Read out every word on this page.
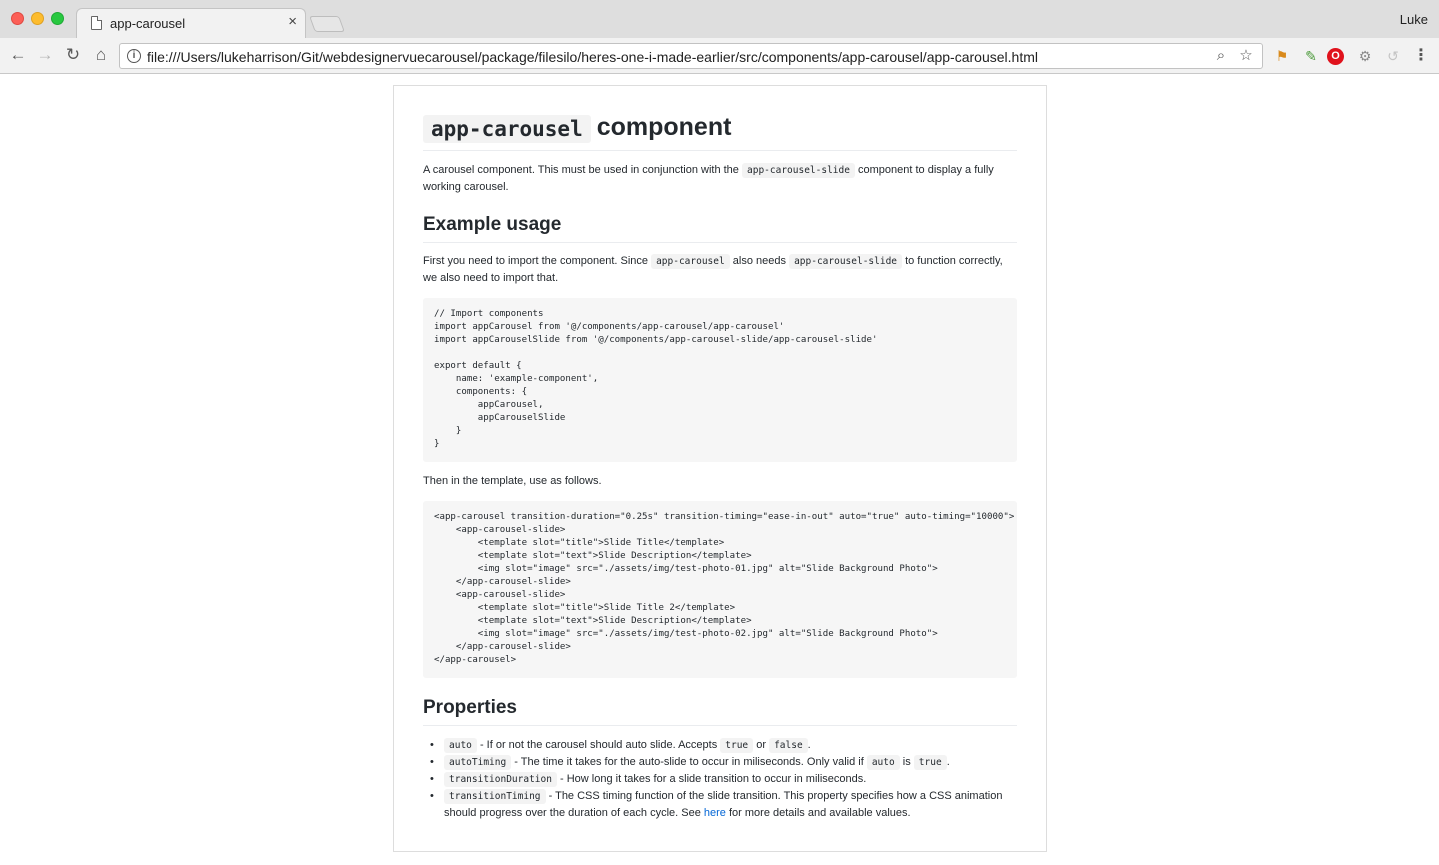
app-carousel	×	Luke
← → ↻ ⌂	i file:///Users/lukeharrison/Git/webdesignervuecarousel/package/filesilo/heres-one-i-made-earlier/src/components/app-carousel/app-carousel.html	⌕ ☆ ⚑ ✎	O	⚙ ↺ ⋮
app-carousel component

A carousel component. This must be used in conjunction with the app-carousel-slide component to display a fully working carousel.

Example usage

First you need to import the component. Since app-carousel also needs app-carousel-slide to function correctly, we also need to import that.

// Import components
import appCarousel from '@/components/app-carousel/app-carousel'
import appCarouselSlide from '@/components/app-carousel-slide/app-carousel-slide'

export default {
name: 'example-component',
components: {
appCarousel,
appCarouselSlide
}
}

Then in the template, use as follows.

<app-carousel transition-duration="0.25s" transition-timing="ease-in-out" auto="true" auto-timing="10000">
<app-carousel-slide>
<template slot="title">Slide Title</template>
<template slot="text">Slide Description</template>
<img slot="image" src="./assets/img/test-photo-01.jpg" alt="Slide Background Photo">
</app-carousel-slide>
<app-carousel-slide>
<template slot="title">Slide Title 2</template>
<template slot="text">Slide Description</template>
<img slot="image" src="./assets/img/test-photo-02.jpg" alt="Slide Background Photo">
</app-carousel-slide>
</app-carousel>
Properties
• auto - If or not the carousel should auto slide. Accepts true or false .
• autoTiming - The time it takes for the auto-slide to occur in miliseconds. Only valid if auto is true .
• transitionDuration - How long it takes for a slide transition to occur in miliseconds.
• transitionTiming - The CSS timing function of the slide transition. This property specifies how a CSS animation should progress over the duration of each cycle. See here for more details and available values.
